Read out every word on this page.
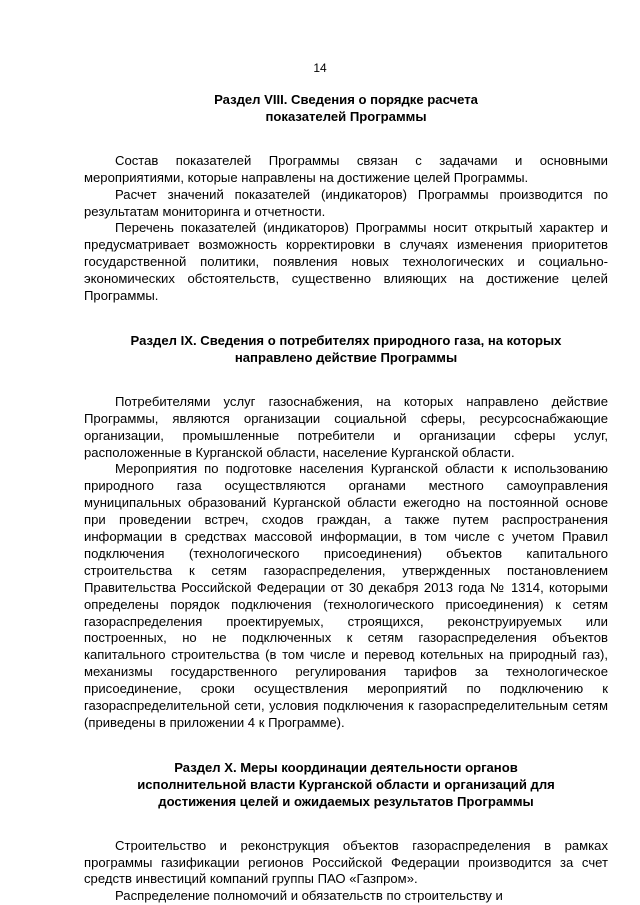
14
Раздел VIII. Сведения о порядке расчета
показателей Программы

Состав показателей Программы связан с задачами и основными мероприятиями, которые направлены на достижение целей Программы.

Расчет значений показателей (индикаторов) Программы производится по результатам мониторинга и отчетности.

Перечень показателей (индикаторов) Программы носит открытый характер и предусматривает возможность корректировки в случаях изменения приоритетов государственной политики, появления новых технологических и социально-экономических обстоятельств, существенно влияющих на достижение целей Программы.

Раздел IX. Сведения о потребителях природного газа, на которых
направлено действие Программы

Потребителями услуг газоснабжения, на которых направлено действие Программы, являются организации социальной сферы, ресурсоснабжающие организации, промышленные потребители и организации сферы услуг, расположенные в Курганской области, население Курганской области.

Мероприятия по подготовке населения Курганской области к использованию природного газа осуществляются органами местного самоуправления муниципальных образований Курганской области ежегодно на постоянной основе при проведении встреч, сходов граждан, а также путем распространения информации в средствах массовой информации, в том числе с учетом Правил подключения (технологического присоединения) объектов капитального строительства к сетям газораспределения, утвержденных постановлением Правительства Российской Федерации от 30 декабря 2013 года № 1314, которыми определены порядок подключения (технологического присоединения) к сетям газораспределения проектируемых, строящихся, реконструируемых или построенных, но не подключенных к сетям газораспределения объектов капитального строительства (в том числе и перевод котельных на природный газ), механизмы государственного регулирования тарифов за технологическое присоединение, сроки осуществления мероприятий по подключению к газораспределительной сети, условия подключения к газораспределительным сетям (приведены в приложении 4 к Программе).

Раздел X. Меры координации деятельности органов
исполнительной власти Курганской области и организаций для
достижения целей и ожидаемых результатов Программы

Строительство и реконструкция объектов газораспределения в рамках программы газификации регионов Российской Федерации производится за счет средств инвестиций компаний группы ПАО «Газпром».

Распределение полномочий и обязательств по строительству и
